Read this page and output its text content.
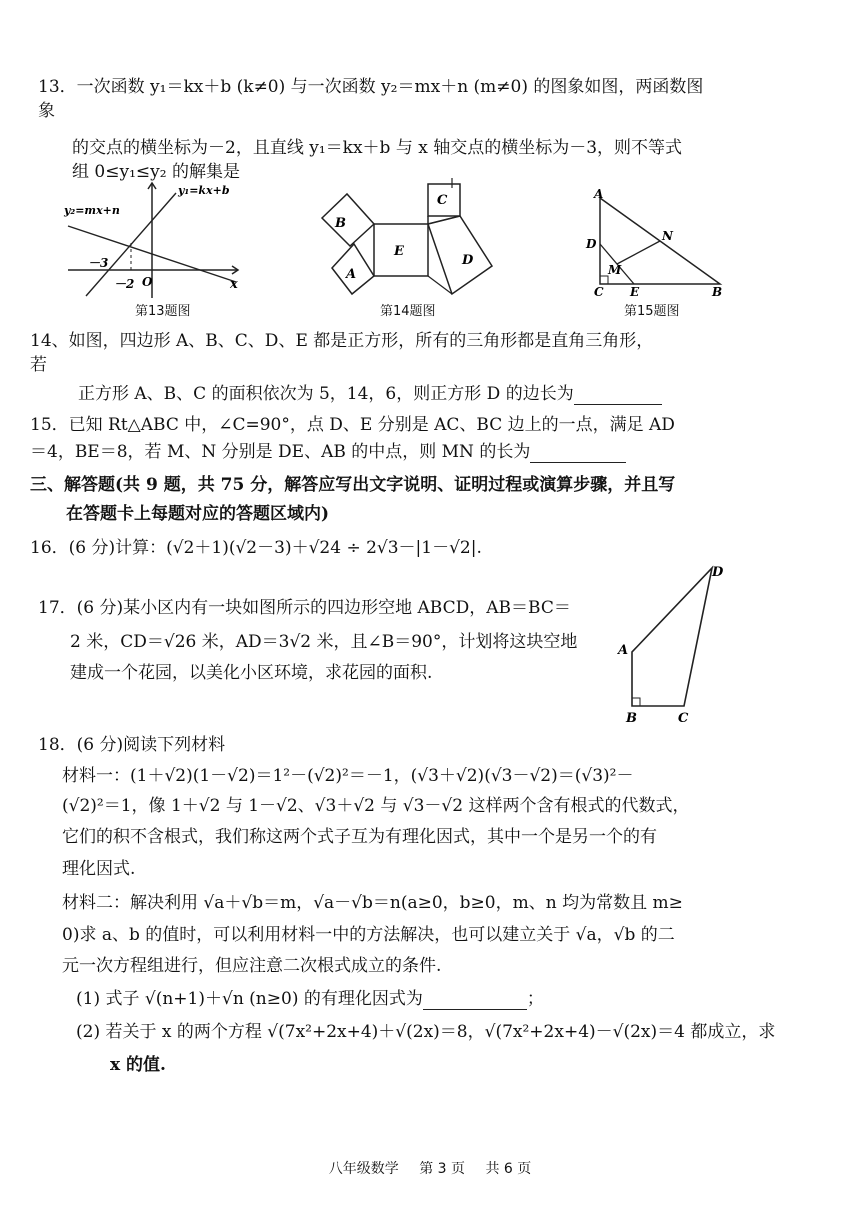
13．一次函数 y₁＝kx＋b (k≠0) 与一次函数 y₂＝mx＋n (m≠0) 的图象如图，两函数图
象
的交点的横坐标为－2，且直线 y₁＝kx＋b 与 x 轴交点的横坐标为－3，则不等式
组 0≤y₁≤y₂ 的解集是
y₂=mx+n
y₁=kx+b
－3
－2 O	x
第13题图
B
E
A
C
D
第14题图
A
D
N
M
C E	B
第15题图
14、如图，四边形 A、B、C、D、E 都是正方形，所有的三角形都是直角三角形，
若
正方形 A、B、C 的面积依次为 5，14，6，则正方形 D 的边长为
15．已知 Rt△ABC 中，∠C=90°，点 D、E 分别是 AC、BC 边上的一点，满足 AD
＝4，BE＝8，若 M、N 分别是 DE、AB 的中点，则 MN 的长为
三、解答题(共 9 题，共 75 分，解答应写出文字说明、证明过程或演算步骤，并且写
在答题卡上每题对应的答题区域内)
16．(6 分)计算：(√2＋1)(√2－3)＋√24 ÷ 2√3－|1－√2|.
17．(6 分)某小区内有一块如图所示的四边形空地 ABCD，AB＝BC＝
2 米，CD＝√26 米，AD＝3√2 米，且∠B＝90°，计划将这块空地
建成一个花园，以美化小区环境，求花园的面积.
A
B	C
D
18．(6 分)阅读下列材料
材料一：(1＋√2)(1－√2)＝1²－(√2)²＝－1，(√3＋√2)(√3－√2)＝(√3)²－
(√2)²＝1，像 1＋√2 与 1－√2、√3＋√2 与 √3－√2 这样两个含有根式的代数式，
它们的积不含根式，我们称这两个式子互为有理化因式，其中一个是另一个的有
理化因式.
材料二：解决利用 √a＋√b＝m，√a－√b＝n(a≥0，b≥0，m、n 均为常数且 m≥
0)求 a、b 的值时，可以利用材料一中的方法解决，也可以建立关于 √a，√b 的二
元一次方程组进行，但应注意二次根式成立的条件.
(1) 式子 √(n+1)＋√n (n≥0) 的有理化因式为	；
(2) 若关于 x 的两个方程 √(7x²+2x+4)＋√(2x)＝8，√(7x²+2x+4)－√(2x)＝4 都成立，求
x 的值.
八年级数学 第 3 页 共 6 页
